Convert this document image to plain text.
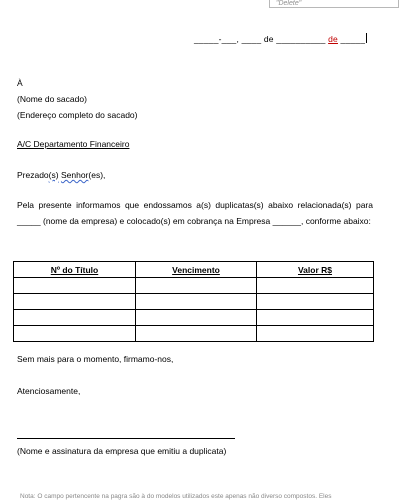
"Delete"
_____-___, ____ de __________ de _____
À
(Nome do sacado)
(Endereço completo do sacado)
A/C Departamento Financeiro
Prezado(s) Senhor(es),
Pela presente informamos que endossamos a(s) duplicatas(s) abaixo relacionada(s) para _____ (nome da empresa) e colocado(s) em cobrança na Empresa ______, conforme abaixo:
Nº do Título	Vencimento	Valor R$

Sem mais para o momento, firmamo-nos,
Atenciosamente,
(Nome e assinatura da empresa que emitiu a duplicata)
Nota: O campo pertencente na pagra são à do modelos utilizados este apenas não diverso compostos. Eles
